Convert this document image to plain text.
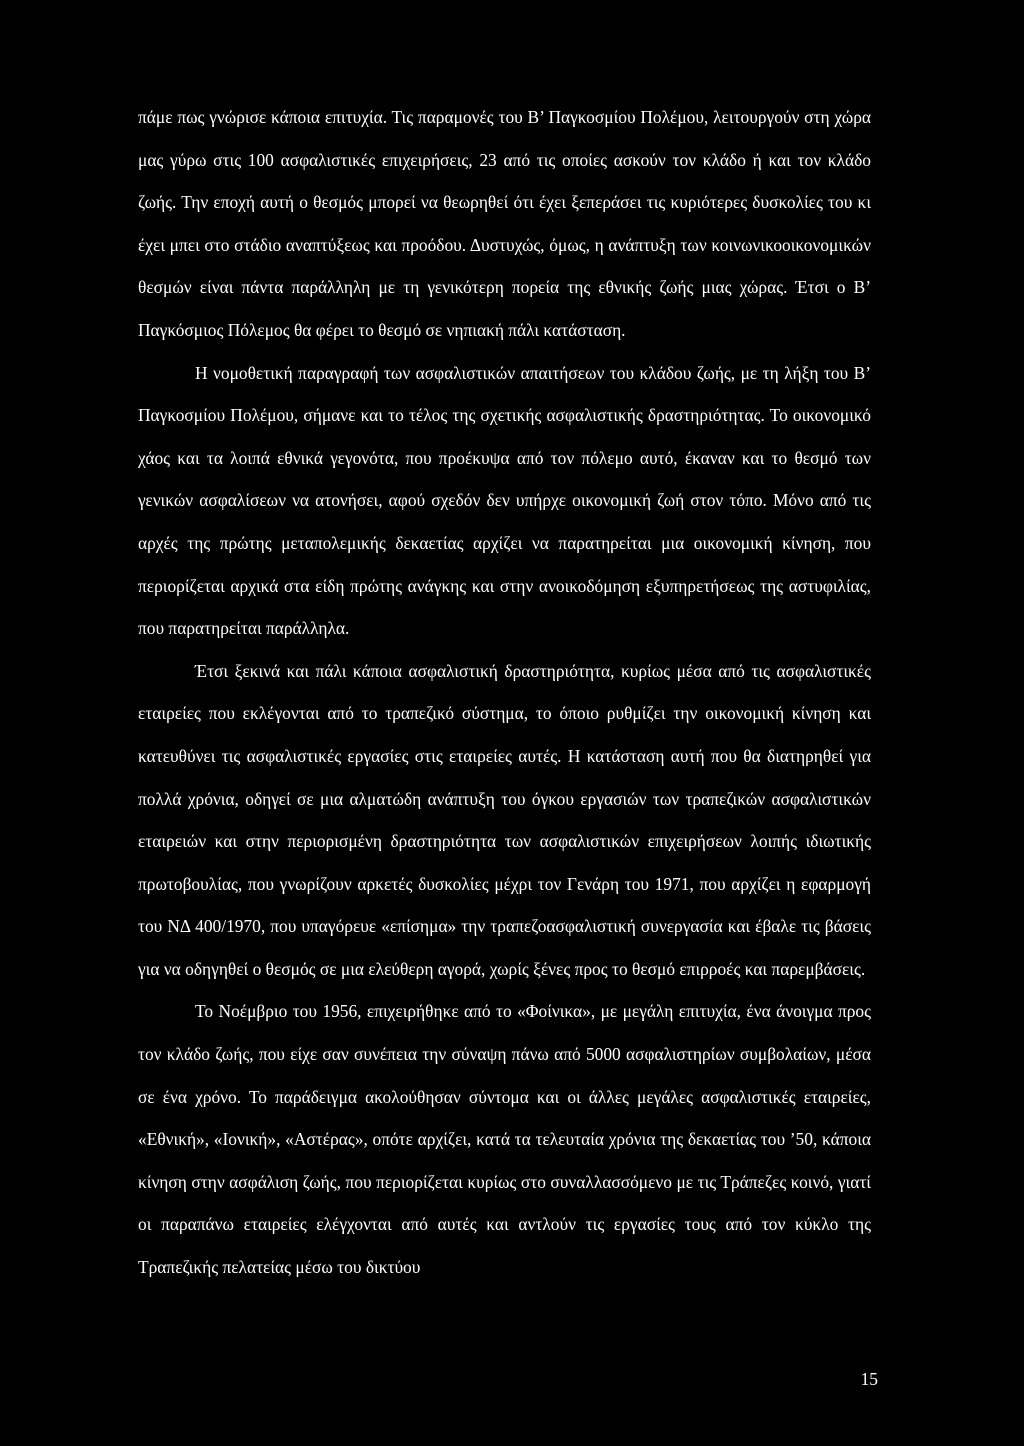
πάμε πως γνώρισε κάποια επιτυχία. Τις παραμονές του Β’ Παγκοσμίου Πολέμου, λειτουργούν στη χώρα μας γύρω στις 100 ασφαλιστικές επιχειρήσεις, 23 από τις οποίες ασκούν τον κλάδο ή και τον κλάδο ζωής. Την εποχή αυτή ο θεσμός μπορεί να θεωρηθεί ότι έχει ξεπεράσει τις κυριότερες δυσκολίες του κι έχει μπει στο στάδιο αναπτύξεως και προόδου. Δυστυχώς, όμως, η ανάπτυξη των κοινωνικοοικονομικών θεσμών είναι πάντα παράλληλη με τη γενικότερη πορεία της εθνικής ζωής μιας χώρας. Έτσι ο Β’ Παγκόσμιος Πόλεμος θα φέρει το θεσμό σε νηπιακή πάλι κατάσταση.

Η νομοθετική παραγραφή των ασφαλιστικών απαιτήσεων του κλάδου ζωής, με τη λήξη του Β’ Παγκοσμίου Πολέμου, σήμανε και το τέλος της σχετικής ασφαλιστικής δραστηριότητας. Το οικονομικό χάος και τα λοιπά εθνικά γεγονότα, που προέκυψα από τον πόλεμο αυτό, έκαναν και το θεσμό των γενικών ασφαλίσεων να ατονήσει, αφού σχεδόν δεν υπήρχε οικονομική ζωή στον τόπο. Μόνο από τις αρχές της πρώτης μεταπολεμικής δεκαετίας αρχίζει να παρατηρείται μια οικονομική κίνηση, που περιορίζεται αρχικά στα είδη πρώτης ανάγκης και στην ανοικοδόμηση εξυπηρετήσεως της αστυφιλίας, που παρατηρείται παράλληλα.

Έτσι ξεκινά και πάλι κάποια ασφαλιστική δραστηριότητα, κυρίως μέσα από τις ασφαλιστικές εταιρείες που εκλέγονται από το τραπεζικό σύστημα, το όποιο ρυθμίζει την οικονομική κίνηση και κατευθύνει τις ασφαλιστικές εργασίες στις εταιρείες αυτές. Η κατάσταση αυτή που θα διατηρηθεί για πολλά χρόνια, οδηγεί σε μια αλματώδη ανάπτυξη του όγκου εργασιών των τραπεζικών ασφαλιστικών εταιρειών και στην περιορισμένη δραστηριότητα των ασφαλιστικών επιχειρήσεων λοιπής ιδιωτικής πρωτοβουλίας, που γνωρίζουν αρκετές δυσκολίες μέχρι τον Γενάρη του 1971, που αρχίζει η εφαρμογή του ΝΔ 400/1970, που υπαγόρευε «επίσημα» την τραπεζοασφαλιστική συνεργασία και έβαλε τις βάσεις για να οδηγηθεί ο θεσμός σε μια ελεύθερη αγορά, χωρίς ξένες προς το θεσμό επιρροές και παρεμβάσεις.

Το Νοέμβριο του 1956, επιχειρήθηκε από το «Φοίνικα», με μεγάλη επιτυχία, ένα άνοιγμα προς τον κλάδο ζωής, που είχε σαν συνέπεια την σύναψη πάνω από 5000 ασφαλιστηρίων συμβολαίων, μέσα σε ένα χρόνο. Το παράδειγμα ακολούθησαν σύντομα και οι άλλες μεγάλες ασφαλιστικές εταιρείες, «Εθνική», «Ιονική», «Αστέρας», οπότε αρχίζει, κατά τα τελευταία χρόνια της δεκαετίας του ’50, κάποια κίνηση στην ασφάλιση ζωής, που περιορίζεται κυρίως στο συναλλασσόμενο με τις Τράπεζες κοινό, γιατί οι παραπάνω εταιρείες ελέγχονται από αυτές και αντλούν τις εργασίες τους από τον κύκλο της Τραπεζικής πελατείας μέσω του δικτύου

15
